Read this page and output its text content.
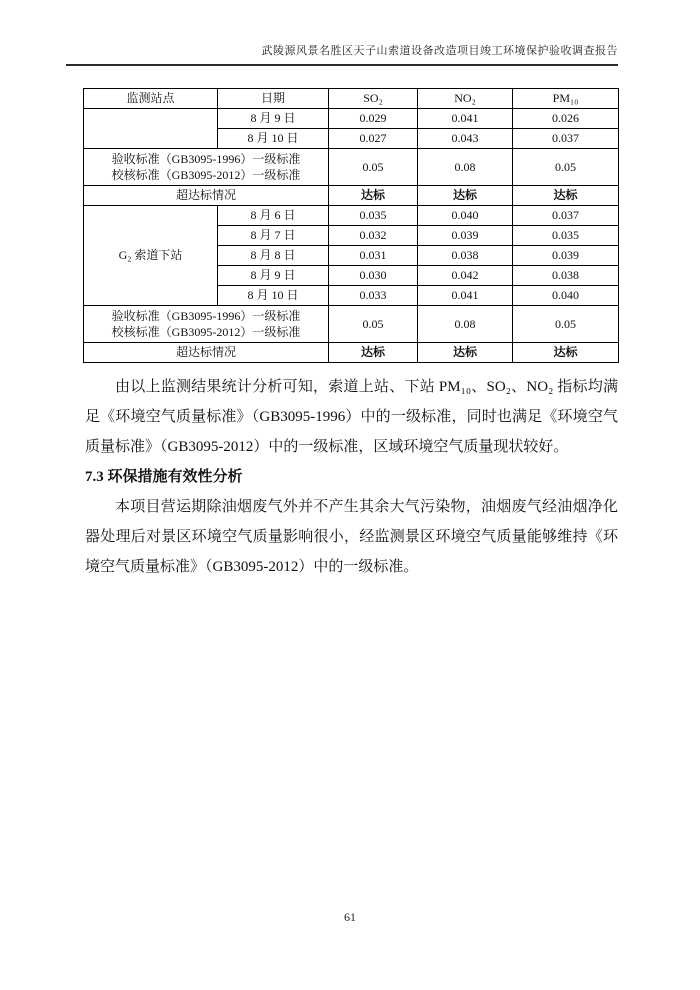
武陵源风景名胜区天子山索道设备改造项目竣工环境保护验收调查报告
监测站点	日期	SO₂	NO₂	PM₁₀
	8 月 9 日	0.029	0.041	0.026
	8 月 10 日	0.027	0.043	0.037

验收标准（GB3095-1996）一级标准
校核标准（GB3095-2012）一级标准		0.05	0.08	0.05
超达标情况		达标	达标	达标
G₂ 索道下站	8 月 6 日	0.035	0.040	0.037
	8 月 7 日	0.032	0.039	0.035
	8 月 8 日	0.031	0.038	0.039
	8 月 9 日	0.030	0.042	0.038
	8 月 10 日	0.033	0.041	0.040

验收标准（GB3095-1996）一级标准
校核标准（GB3095-2012）一级标准		0.05	0.08	0.05
超达标情况		达标	达标	达标

由以上监测结果统计分析可知，索道上站、下站 PM₁₀、SO₂、NO₂ 指标均满足《环境空气质量标准》（GB3095-1996）中的一级标准，同时也满足《环境空气质量标准》（GB3095-2012）中的一级标准，区域环境空气质量现状较好。

7.3 环保措施有效性分析

本项目营运期除油烟废气外并不产生其余大气污染物，油烟废气经油烟净化器处理后对景区环境空气质量影响很小，经监测景区环境空气质量能够维持《环境空气质量标准》（GB3095-2012）中的一级标准。

61
